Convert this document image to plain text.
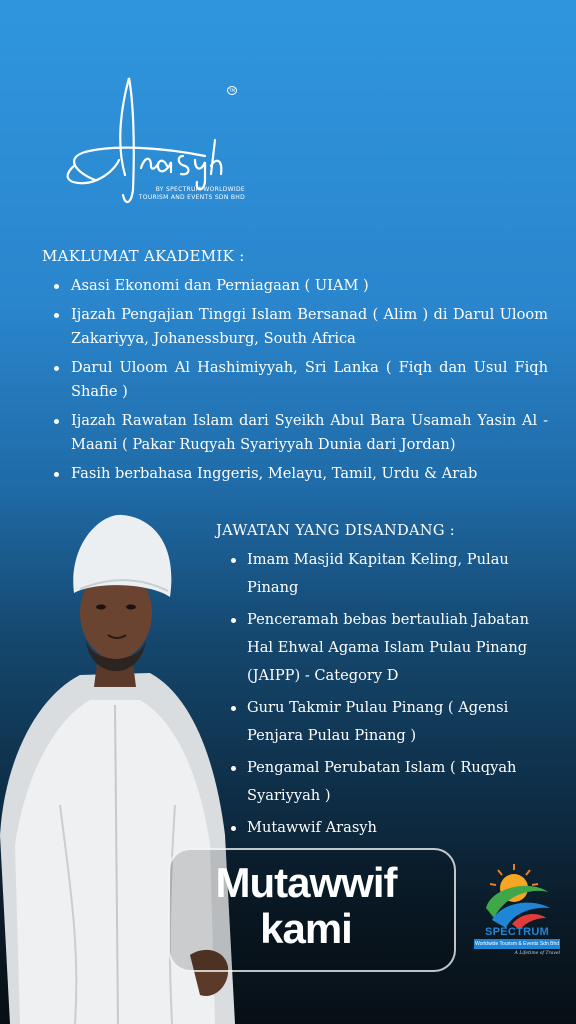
TM
BY SPECTRUM WORLDWIDE
TOURISM AND EVENTS SDN BHD
MAKLUMAT AKADEMIK :
Asasi Ekonomi dan Perniagaan ( UIAM )
Ijazah Pengajian Tinggi Islam Bersanad ( Alim ) di Darul Uloom Zakariyya, Johanessburg, South Africa
Darul Uloom Al Hashimiyyah, Sri Lanka ( Fiqh dan Usul Fiqh Shafie )
Ijazah Rawatan Islam dari Syeikh Abul Bara Usamah Yasin Al - Maani ( Pakar Ruqyah Syariyyah Dunia dari Jordan)
Fasih berbahasa Inggeris, Melayu, Tamil, Urdu & Arab
JAWATAN YANG DISANDANG :
Imam Masjid Kapitan Keling, Pulau Pinang
Penceramah bebas bertauliah Jabatan Hal Ehwal Agama Islam Pulau Pinang (JAIPP) - Category D
Guru Takmir Pulau Pinang ( Agensi Penjara Pulau Pinang )
Pengamal Perubatan Islam ( Ruqyah Syariyyah )
Mutawwif Arasyh
Mutawwif
kami	SPECTRUM
Worldwide Tourism & Events Sdn Bhd
A Lifetime of Travel
